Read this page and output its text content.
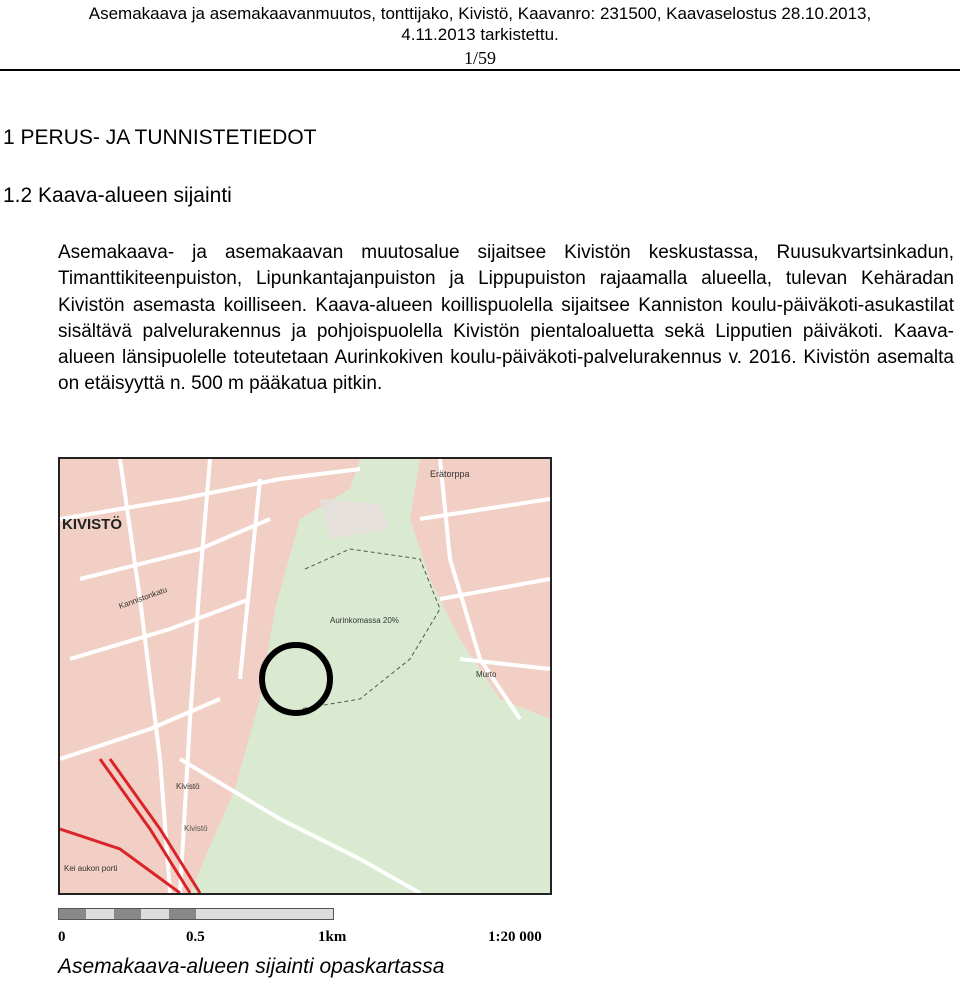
Asemakaava ja asemakaavanmuutos, tonttijako, Kivistö, Kaavanro: 231500, Kaavaselostus 28.10.2013,
4.11.2013 tarkistettu.
1/59
1 PERUS- JA TUNNISTETIEDOT
1.2 Kaava-alueen sijainti

Asemakaava- ja asemakaavan muutosalue sijaitsee Kivistön keskustassa, Ruusukvartsinkadun, Timanttikiteenpuiston, Lipunkantajanpuiston ja Lippupuiston rajaamalla alueella, tulevan Kehäradan Kivistön asemasta koilliseen. Kaava-alueen koillispuolella sijaitsee Kanniston koulu-päiväkoti-asukastilat sisältävä palvelurakennus ja pohjoispuolella Kivistön pientaloaluetta sekä Lipputien päiväkoti. Kaava-alueen länsipuolelle toteutetaan Aurinkokiven koulu-päiväkoti-palvelurakennus v. 2016. Kivistön asemalta on etäisyyttä n. 500 m pääkatua pitkin.

KIVISTÖ
Aurinkomassa 20%
Erätorppa
Murto
Kivistö
Kivistö
Kannistonkatu
Kei aukon porti
0	0.5	1km	1:20 000
Asemakaava-alueen sijainti opaskartassa
